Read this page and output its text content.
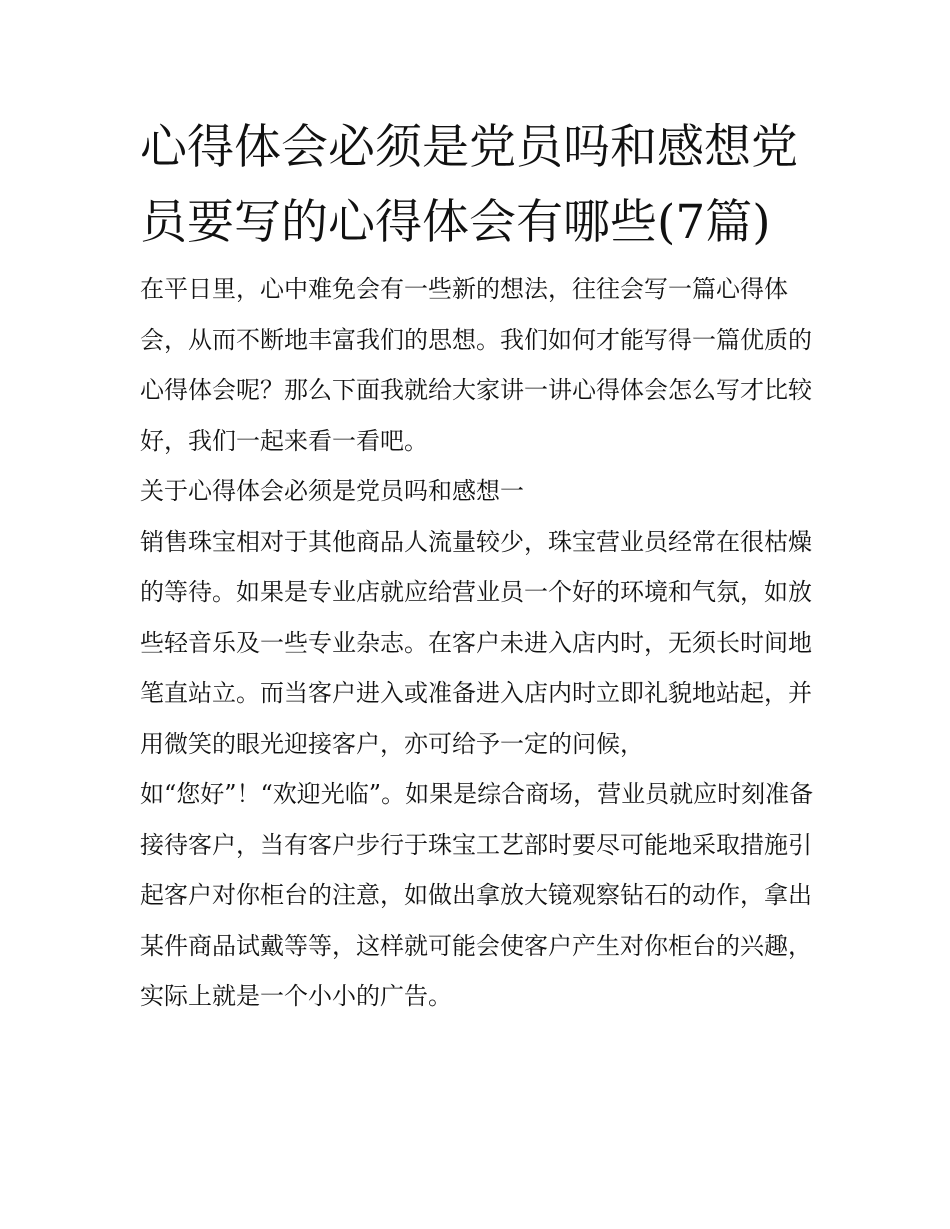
心得体会必须是党员吗和感想党员要写的心得体会有哪些(7篇)

在平日里，心中难免会有一些新的想法，往往会写一篇心得体会，从而不断地丰富我们的思想。我们如何才能写得一篇优质的心得体会呢？那么下面我就给大家讲一讲心得体会怎么写才比较好，我们一起来看一看吧。

关于心得体会必须是党员吗和感想一

销售珠宝相对于其他商品人流量较少，珠宝营业员经常在很枯燥的等待。如果是专业店就应给营业员一个好的环境和气氛，如放些轻音乐及一些专业杂志。在客户未进入店内时，无须长时间地笔直站立。而当客户进入或准备进入店内时立即礼貌地站起，并用微笑的眼光迎接客户，亦可给予一定的问候，

如“您好”！“欢迎光临”。如果是综合商场，营业员就应时刻准备接待客户，当有客户步行于珠宝工艺部时要尽可能地采取措施引起客户对你柜台的注意，如做出拿放大镜观察钻石的动作，拿出某件商品试戴等等，这样就可能会使客户产生对你柜台的兴趣，实际上就是一个小小的广告。
